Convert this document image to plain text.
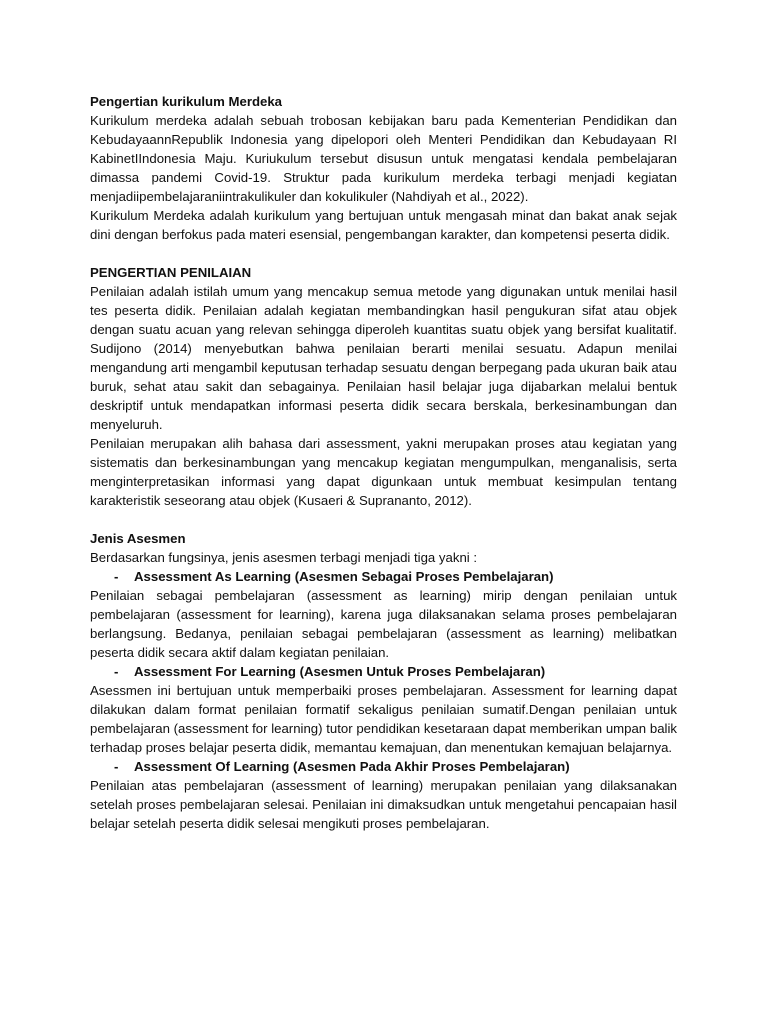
Pengertian kurikulum Merdeka

Kurikulum merdeka adalah sebuah trobosan kebijakan baru pada Kementerian Pendidikan dan KebudayaannRepublik Indonesia yang dipelopori oleh Menteri Pendidikan dan Kebudayaan RI KabinetIIndonesia Maju. Kuriukulum tersebut disusun untuk mengatasi kendala pembelajaran dimassa pandemi Covid-19. Struktur pada kurikulum merdeka terbagi menjadi kegiatan menjadiipembelajaraniintrakulikuler dan kokulikuler (Nahdiyah et al., 2022).

Kurikulum Merdeka adalah kurikulum yang bertujuan untuk mengasah minat dan bakat anak sejak dini dengan berfokus pada materi esensial, pengembangan karakter, dan kompetensi peserta didik.

PENGERTIAN PENILAIAN

Penilaian adalah istilah umum yang mencakup semua metode yang digunakan untuk menilai hasil tes peserta didik. Penilaian adalah kegiatan membandingkan hasil pengukuran sifat atau objek dengan suatu acuan yang relevan sehingga diperoleh kuantitas suatu objek yang bersifat kualitatif. Sudijono (2014) menyebutkan bahwa penilaian berarti menilai sesuatu. Adapun menilai mengandung arti mengambil keputusan terhadap sesuatu dengan berpegang pada ukuran baik atau buruk, sehat atau sakit dan sebagainya. Penilaian hasil belajar juga dijabarkan melalui bentuk deskriptif untuk mendapatkan informasi peserta didik secara berskala, berkesinambungan dan menyeluruh.

Penilaian merupakan alih bahasa dari assessment, yakni merupakan proses atau kegiatan yang sistematis dan berkesinambungan yang mencakup kegiatan mengumpulkan, menganalisis, serta menginterpretasikan informasi yang dapat digunkaan untuk membuat kesimpulan tentang karakteristik seseorang atau objek (Kusaeri & Suprananto, 2012).

Jenis Asesmen

Berdasarkan fungsinya, jenis asesmen terbagi menjadi tiga yakni :

-	Assessment As Learning (Asesmen Sebagai Proses Pembelajaran)

Penilaian sebagai pembelajaran (assessment as learning) mirip dengan penilaian untuk pembelajaran (assessment for learning), karena juga dilaksanakan selama proses pembelajaran berlangsung. Bedanya, penilaian sebagai pembelajaran (assessment as learning) melibatkan peserta didik secara aktif dalam kegiatan penilaian.

-	Assessment For Learning (Asesmen Untuk Proses Pembelajaran)

Asessmen ini bertujuan untuk memperbaiki proses pembelajaran. Assessment for learning dapat dilakukan dalam format penilaian formatif sekaligus penilaian sumatif.Dengan penilaian untuk pembelajaran (assessment for learning) tutor pendidikan kesetaraan dapat memberikan umpan balik terhadap proses belajar peserta didik, memantau kemajuan, dan menentukan kemajuan belajarnya.

-	Assessment Of Learning (Asesmen Pada Akhir Proses Pembelajaran)

Penilaian atas pembelajaran (assessment of learning) merupakan penilaian yang dilaksanakan setelah proses pembelajaran selesai. Penilaian ini dimaksudkan untuk mengetahui pencapaian hasil belajar setelah peserta didik selesai mengikuti proses pembelajaran.
